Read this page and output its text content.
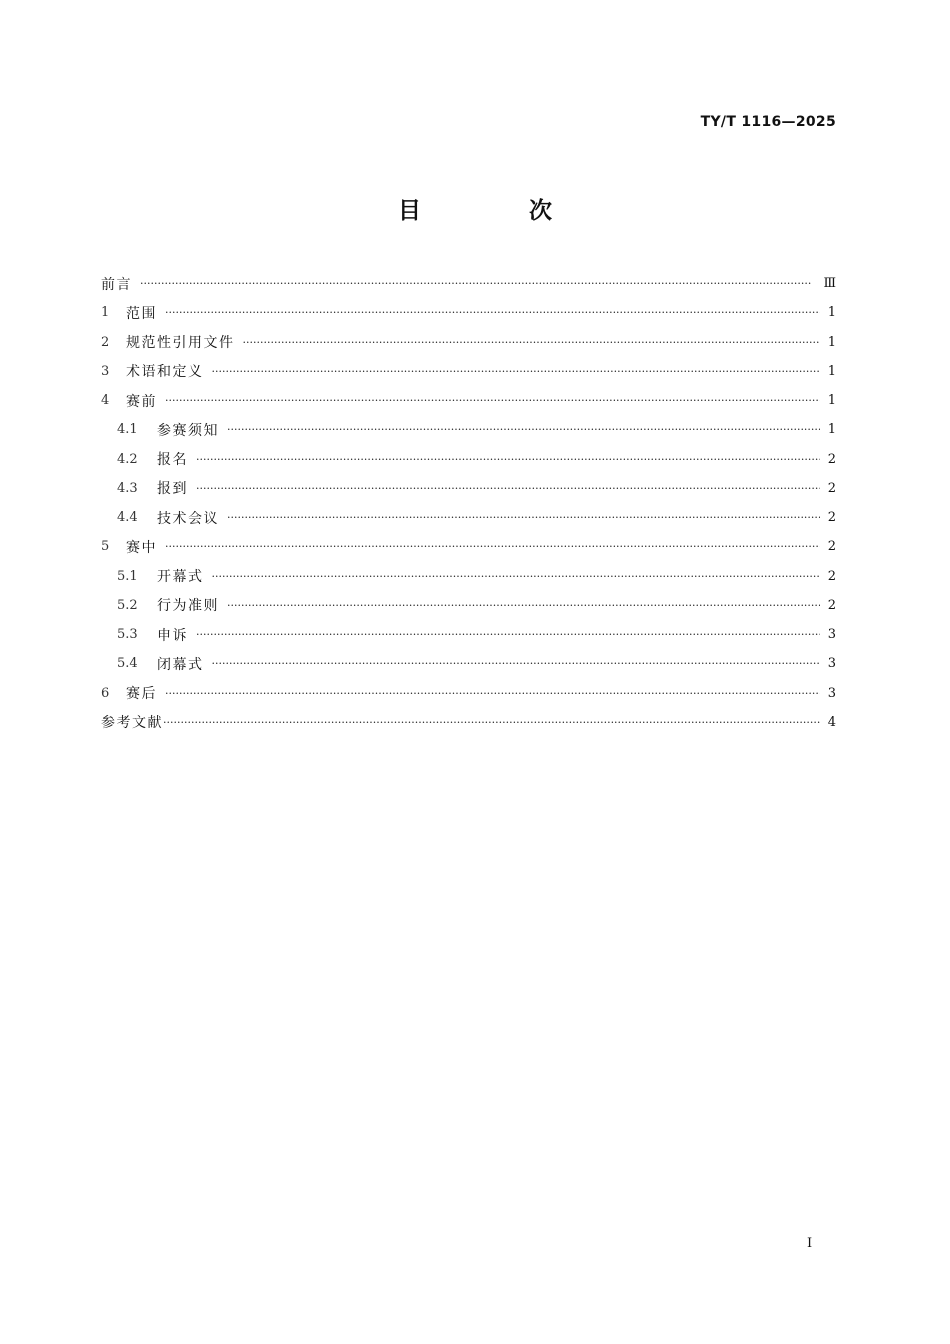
TY/T 1116—2025
目 次
前言 ·····	Ⅲ
1 范围 ·····	1
2 规范性引用文件 ·····	1
3 术语和定义 ·····	1
4 赛前 ·····	1
4.1	参赛须知 ·····	1
4.2	报名 ·····	2
4.3	报到 ·····	2
4.4	技术会议 ·····	2
5 赛中 ·····	2
5.1	开幕式 ·····	2
5.2	行为准则 ·····	2
5.3	申诉 ·····	3
5.4	闭幕式 ·····	3
6 赛后 ·····	3
参考文献 ·····	4
I
